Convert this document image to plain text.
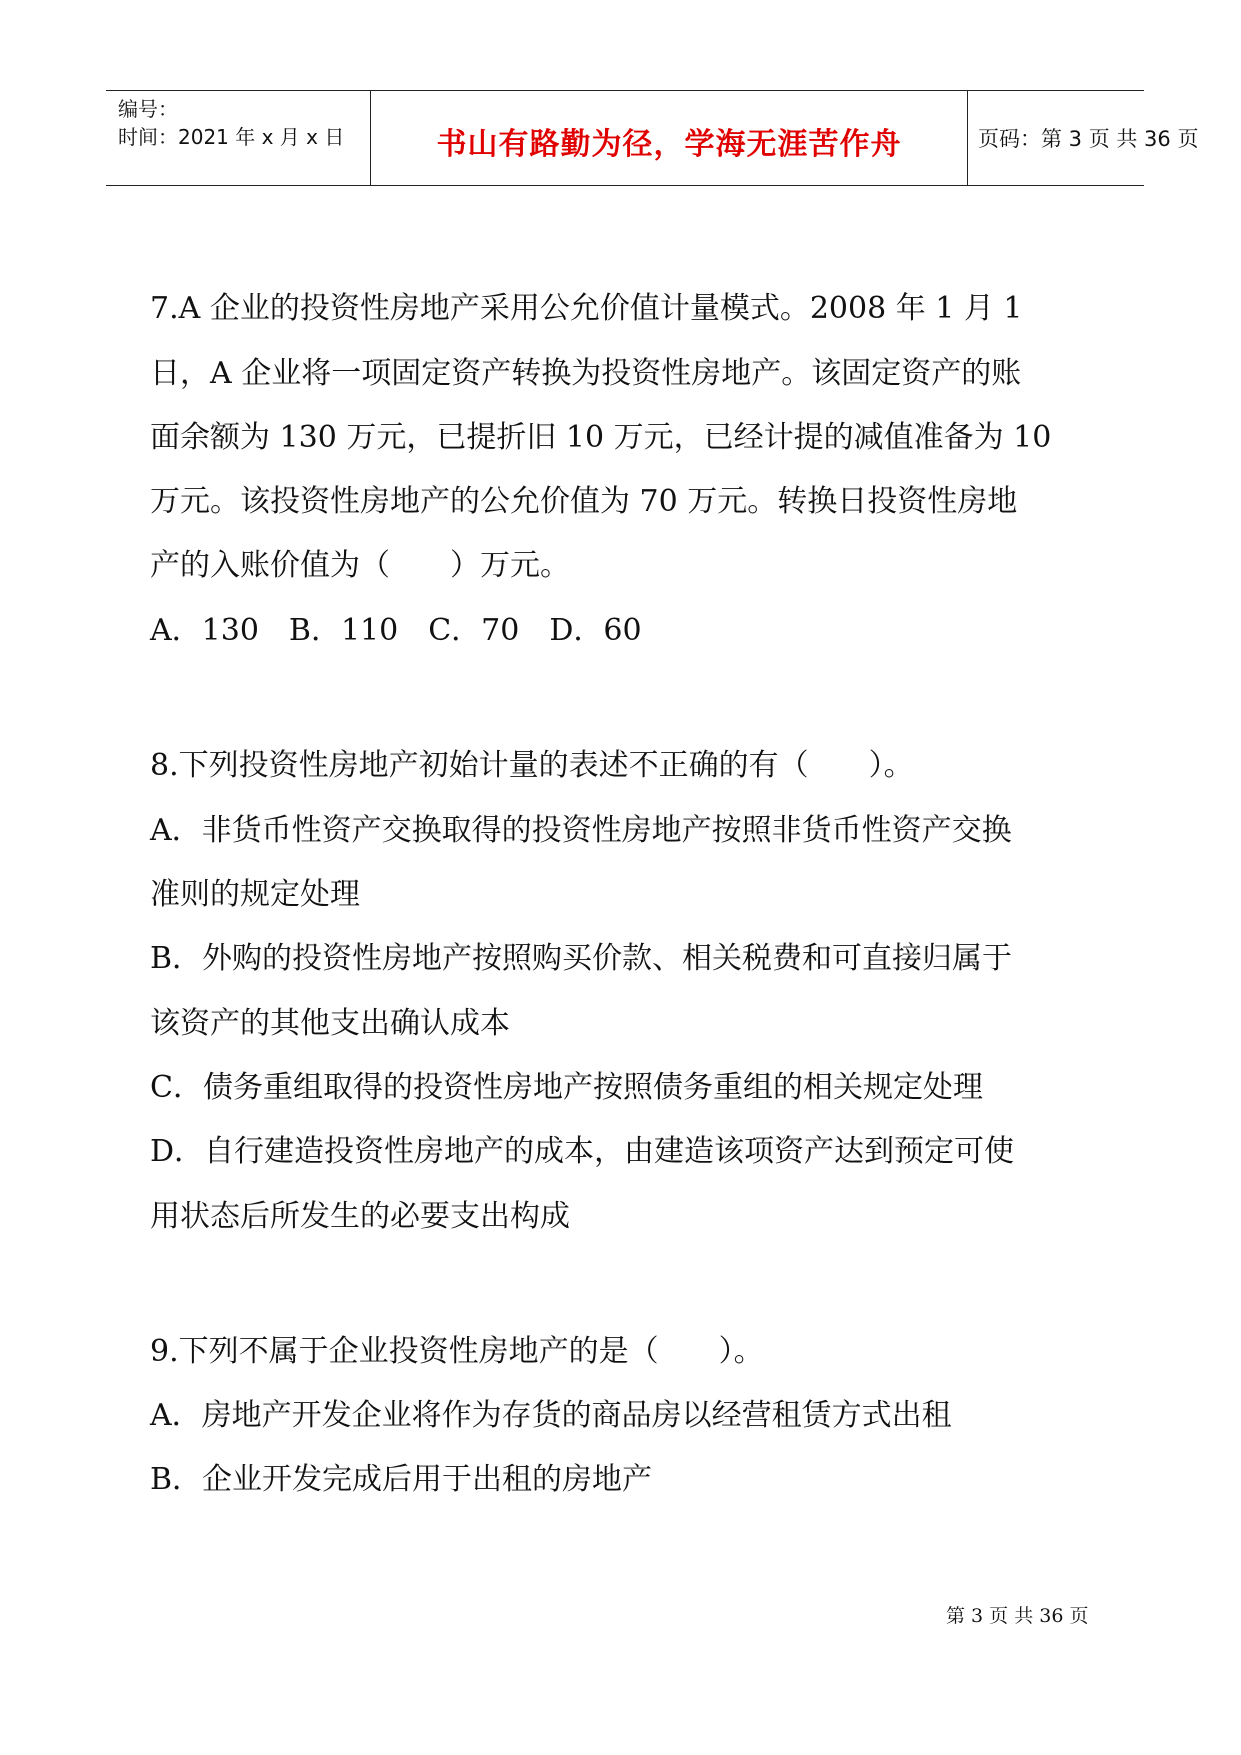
编号：
时间：2021 年 x 月 x 日	书山有路勤为径，学海无涯苦作舟	页码：第 3 页 共 36 页
7.A 企业的投资性房地产采用公允价值计量模式。2008 年 1 月 1
日，A 企业将一项固定资产转换为投资性房地产。该固定资产的账
面余额为 130 万元，已提折旧 10 万元，已经计提的减值准备为 10
万元。该投资性房地产的公允价值为 70 万元。转换日投资性房地
产的入账价值为（　　）万元。
A．130　B．110　C．70　D．60
8.下列投资性房地产初始计量的表述不正确的有（　　）。
A．非货币性资产交换取得的投资性房地产按照非货币性资产交换
准则的规定处理
B．外购的投资性房地产按照购买价款、相关税费和可直接归属于
该资产的其他支出确认成本
C．债务重组取得的投资性房地产按照债务重组的相关规定处理
D．自行建造投资性房地产的成本，由建造该项资产达到预定可使
用状态后所发生的必要支出构成
9.下列不属于企业投资性房地产的是（　　）。
A．房地产开发企业将作为存货的商品房以经营租赁方式出租
B．企业开发完成后用于出租的房地产
第 3 页 共 36 页
